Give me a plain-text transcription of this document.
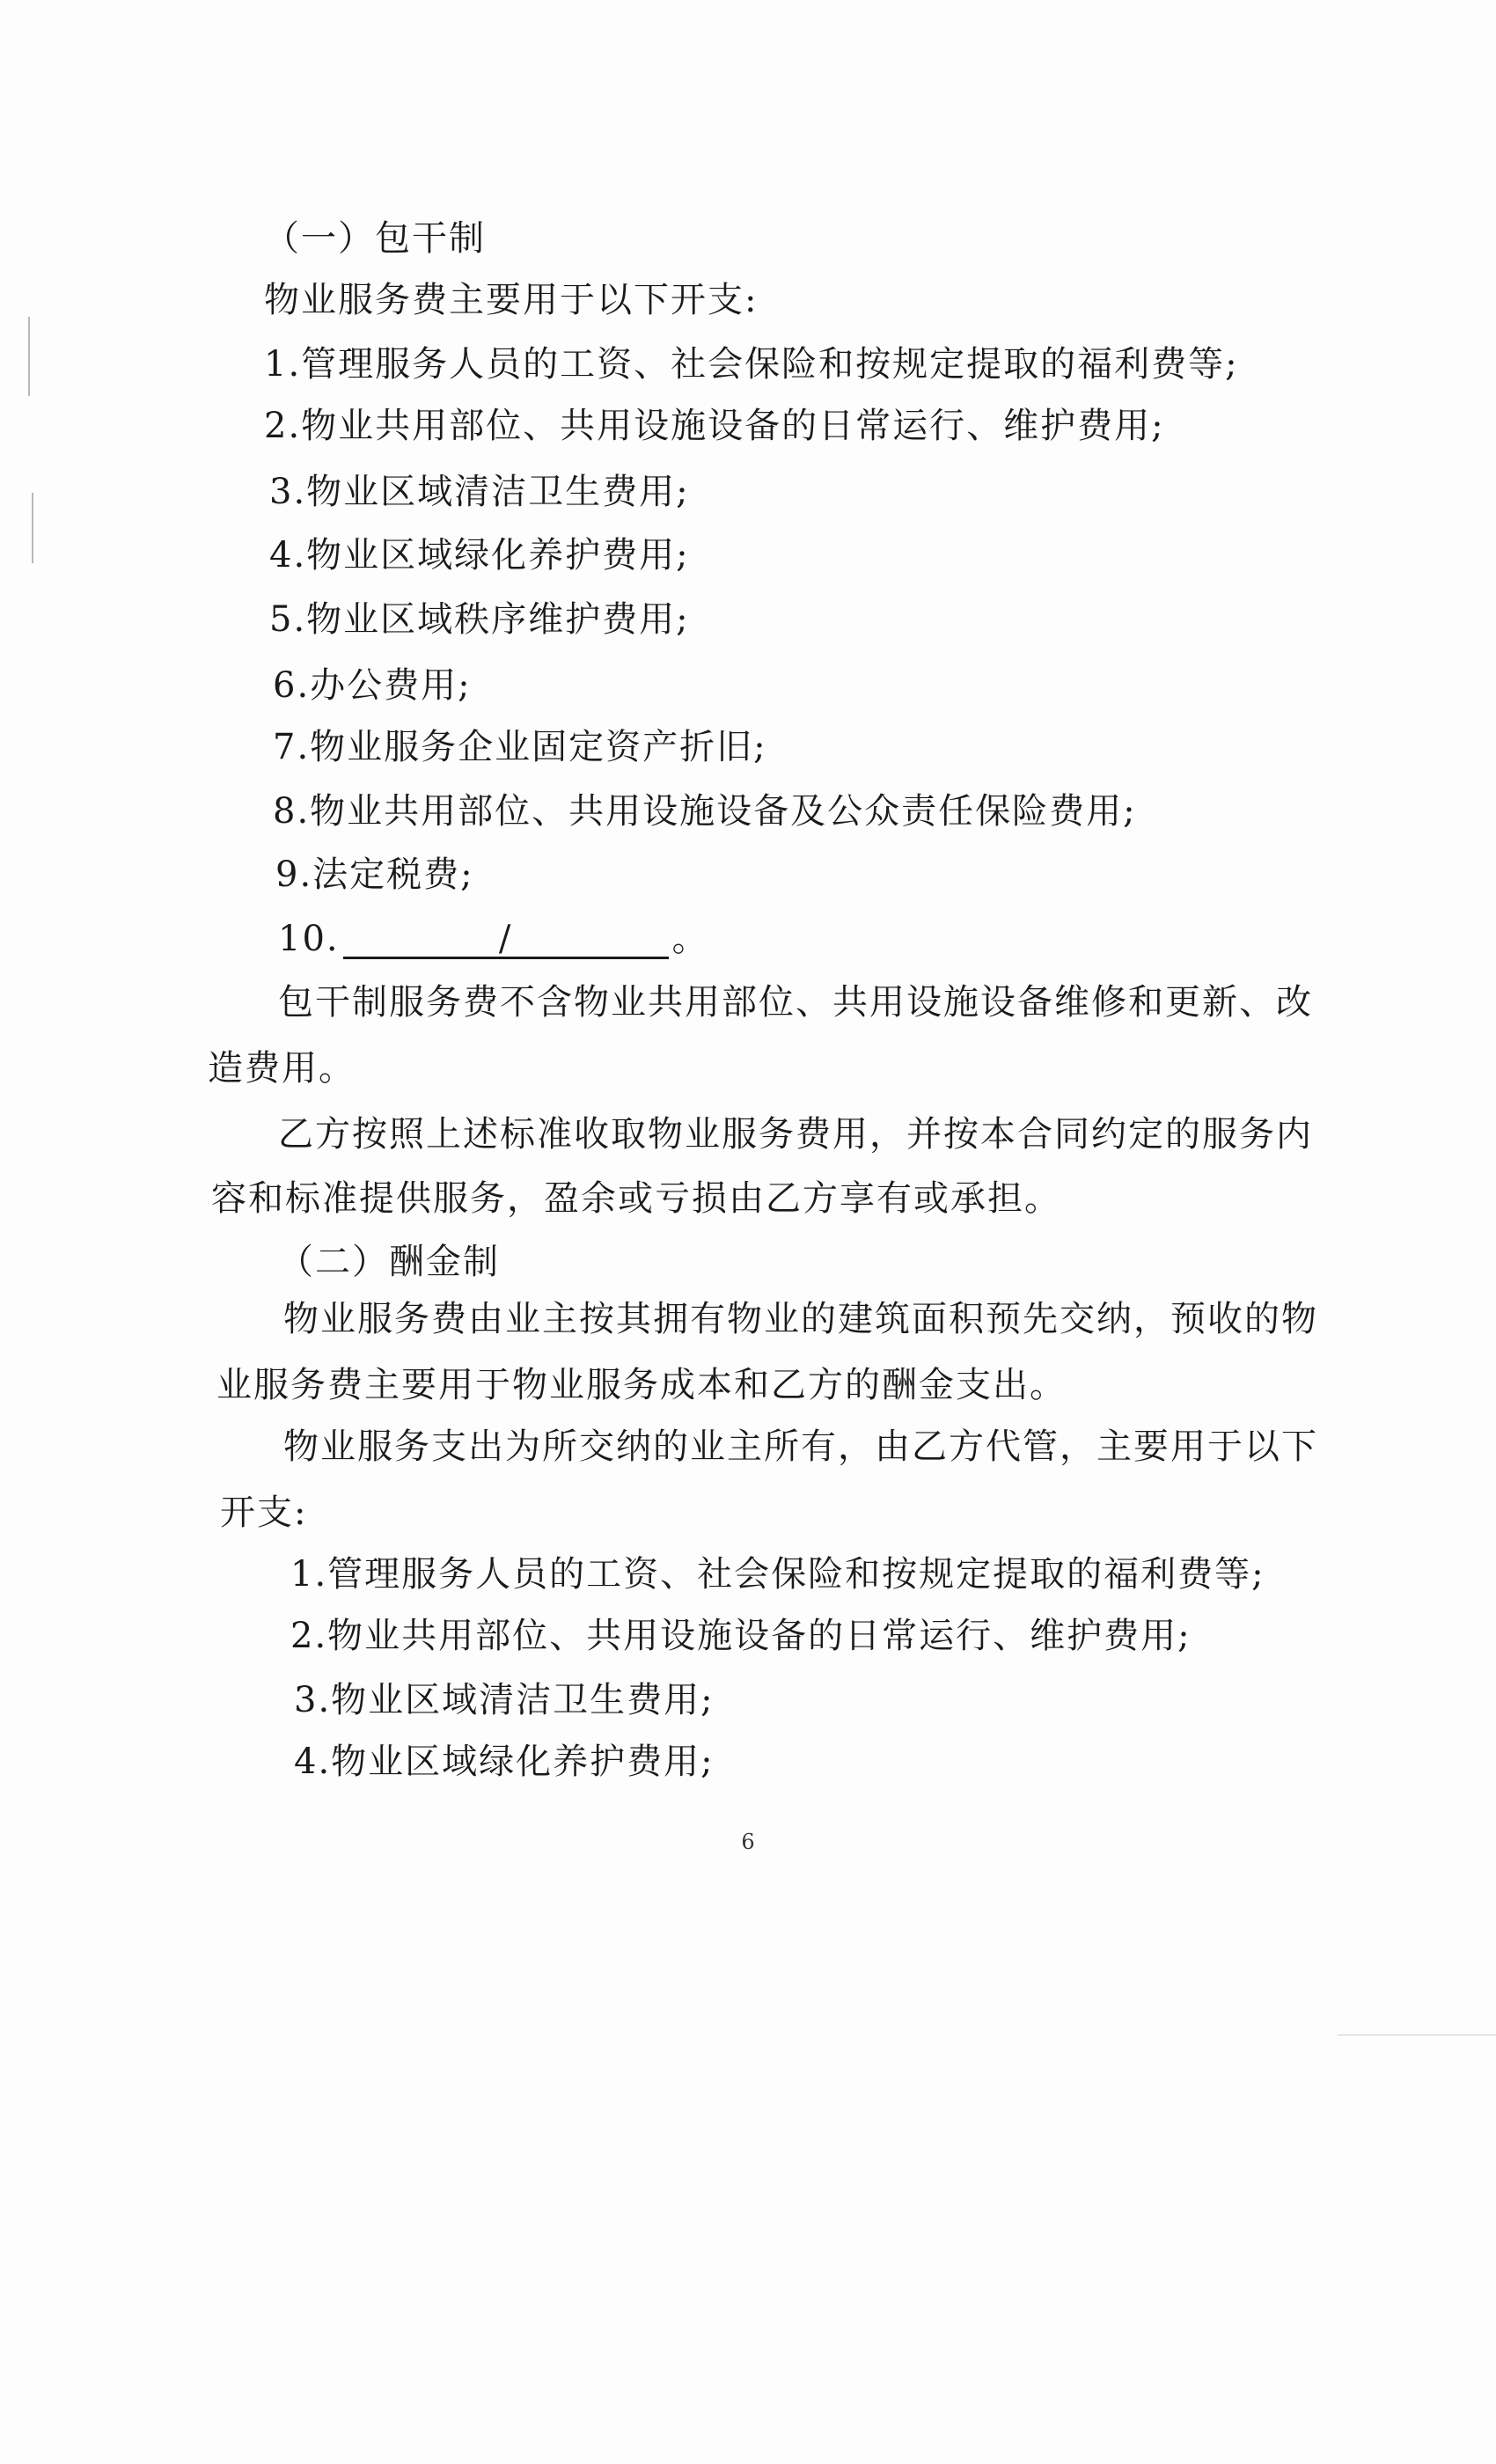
（一）包干制
物业服务费主要用于以下开支:
1.管理服务人员的工资、社会保险和按规定提取的福利费等;
2.物业共用部位、共用设施设备的日常运行、维护费用;
3.物业区域清洁卫生费用;
4.物业区域绿化养护费用;
5.物业区域秩序维护费用;
6.办公费用;
7.物业服务企业固定资产折旧;
8.物业共用部位、共用设施设备及公众责任保险费用;
9.法定税费;
10.	/	。
包干制服务费不含物业共用部位、共用设施设备维修和更新、改
造费用。
乙方按照上述标准收取物业服务费用，并按本合同约定的服务内
容和标准提供服务，盈余或亏损由乙方享有或承担。
（二）酬金制
物业服务费由业主按其拥有物业的建筑面积预先交纳，预收的物
业服务费主要用于物业服务成本和乙方的酬金支出。
物业服务支出为所交纳的业主所有，由乙方代管，主要用于以下
开支:
1.管理服务人员的工资、社会保险和按规定提取的福利费等;
2.物业共用部位、共用设施设备的日常运行、维护费用;
3.物业区域清洁卫生费用;
4.物业区域绿化养护费用;
6
